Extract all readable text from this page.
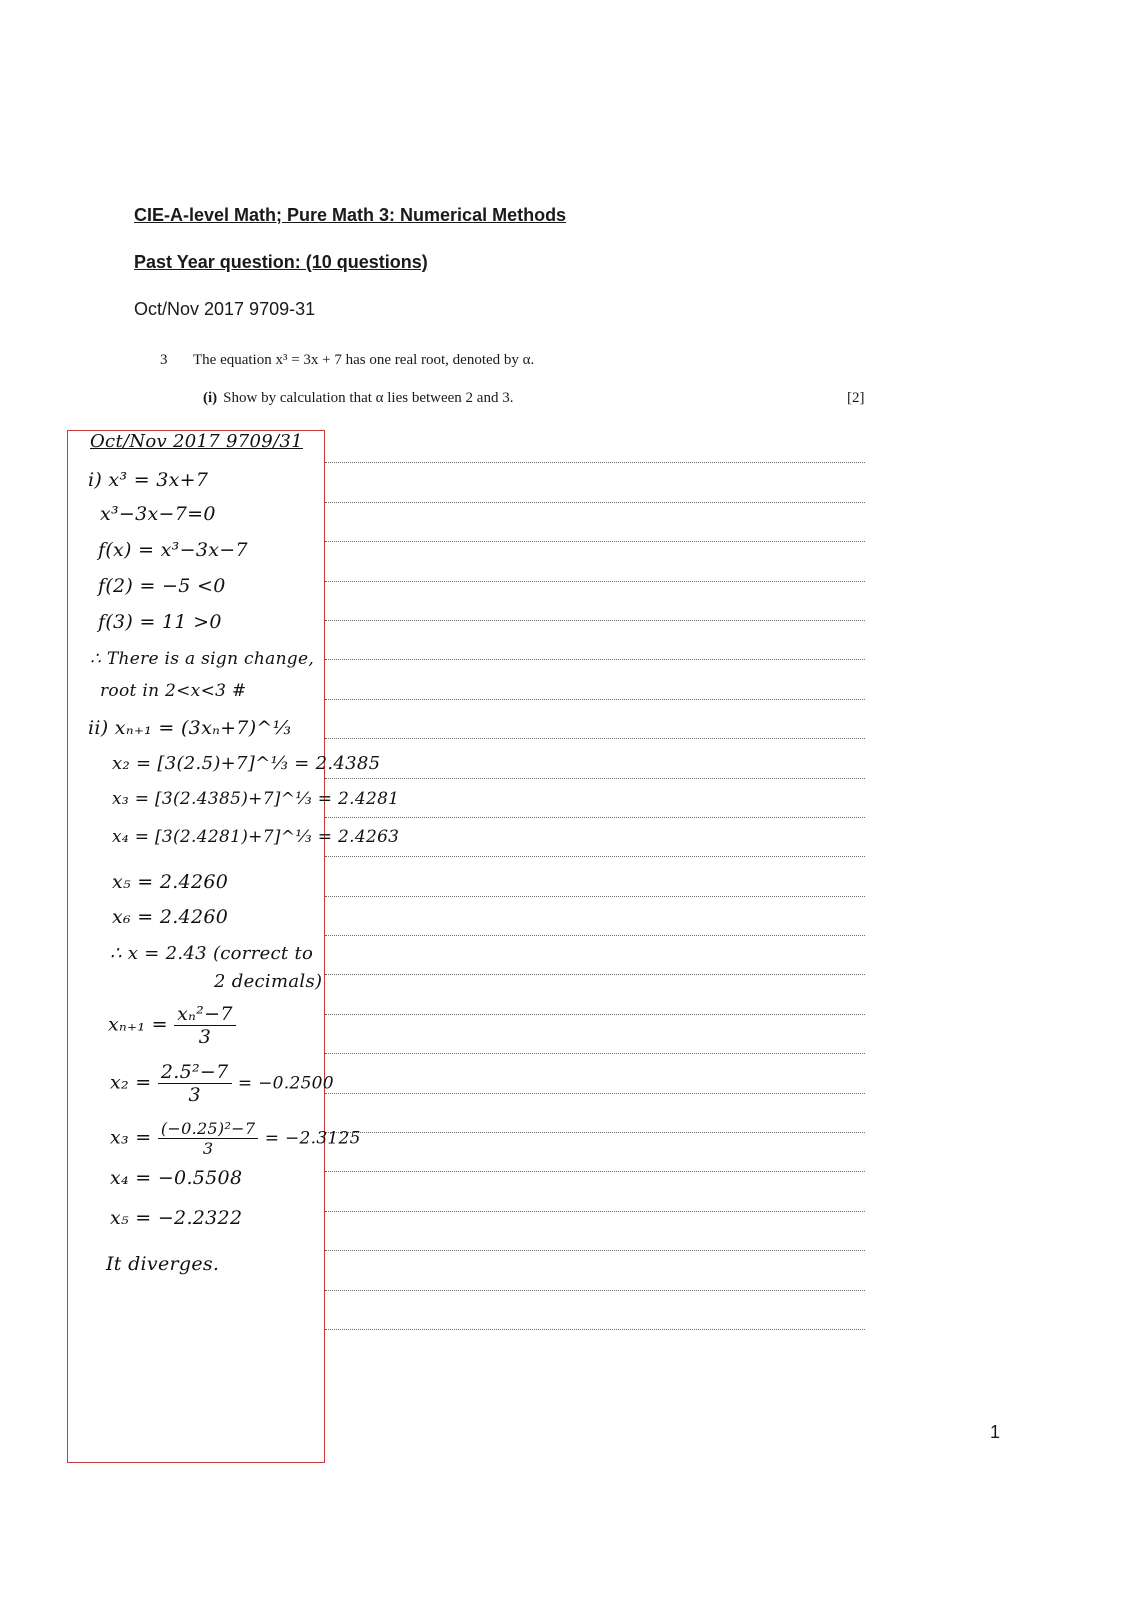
CIE-A-level Math; Pure Math 3: Numerical Methods
Past Year question: (10 questions)
Oct/Nov 2017 9709-31
3 The equation x³ = 3x + 7 has one real root, denoted by α.
(i) Show by calculation that α lies between 2 and 3.	[2]
Oct/Nov 2017 9709/31
i) x³ = 3x+7
x³−3x−7=0
f(x) = x³−3x−7
f(2) = −5 <0
f(3) = 11 >0
∴ There is a sign change,
root in 2<x<3 #
ii) xₙ₊₁ = (3xₙ+7)^⅓
x₂ = [3(2.5)+7]^⅓ = 2.4385
x₃ = [3(2.4385)+7]^⅓ = 2.4281
x₄ = [3(2.4281)+7]^⅓ = 2.4263
x₅ = 2.4260
x₆ = 2.4260
∴ x = 2.43 (correct to
2 decimals)
$x_{n+1} = \frac{\text{xₙ²−7}}{3}$
$x_2 = \frac{\text{2.5²−7}}{3} = -0.2500$
$x_3 = \frac{\text{(−0.25)²−7}}{3} = -2.3125$
x₄ = −0.5508
x₅ = −2.2322
It diverges.
1
